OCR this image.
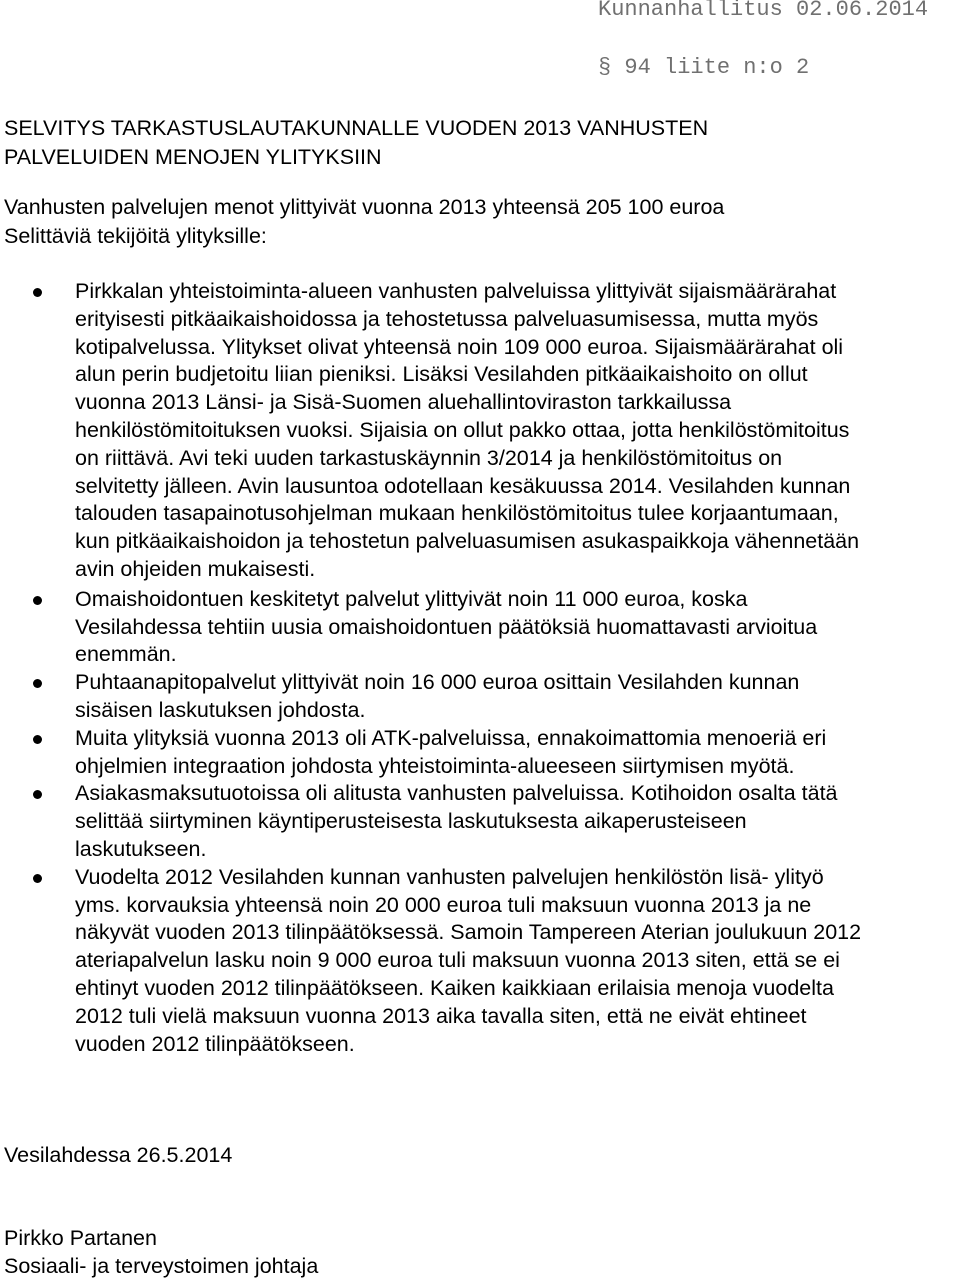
Kunnanhallitus 02.06.2014
§ 94 liite n:o 2
SELVITYS TARKASTUSLAUTAKUNNALLE VUODEN 2013 VANHUSTEN
PALVELUIDEN MENOJEN YLITYKSIIN

Vanhusten palvelujen menot ylittyivät vuonna 2013 yhteensä 205 100 euroa

Selittäviä tekijöitä ylityksille:

Pirkkalan yhteistoiminta-alueen vanhusten palveluissa ylittyivät sijaismäärärahat
erityisesti pitkäaikaishoidossa ja tehostetussa palveluasumisessa, mutta myös
kotipalvelussa. Ylitykset olivat yhteensä noin 109 000 euroa. Sijaismäärärahat oli
alun perin budjetoitu liian pieniksi. Lisäksi Vesilahden pitkäaikaishoito on ollut
vuonna 2013 Länsi- ja Sisä-Suomen aluehallintoviraston tarkkailussa
henkilöstömitoituksen vuoksi. Sijaisia on ollut pakko ottaa, jotta henkilöstömitoitus
on riittävä. Avi teki uuden tarkastuskäynnin 3/2014 ja henkilöstömitoitus on
selvitetty jälleen. Avin lausuntoa odotellaan kesäkuussa 2014. Vesilahden kunnan
talouden tasapainotusohjelman mukaan henkilöstömitoitus tulee korjaantumaan,
kun pitkäaikaishoidon ja tehostetun palveluasumisen asukaspaikkoja vähennetään
avin ohjeiden mukaisesti.
Omaishoidontuen keskitetyt palvelut ylittyivät noin 11 000 euroa, koska
Vesilahdessa tehtiin uusia omaishoidontuen päätöksiä huomattavasti arvioitua
enemmän.
Puhtaanapitopalvelut ylittyivät noin 16 000 euroa osittain Vesilahden kunnan
sisäisen laskutuksen johdosta.
Muita ylityksiä vuonna 2013 oli ATK-palveluissa, ennakoimattomia menoeriä eri
ohjelmien integraation johdosta yhteistoiminta-alueeseen siirtymisen myötä.
Asiakasmaksutuotoissa oli alitusta vanhusten palveluissa. Kotihoidon osalta tätä
selittää siirtyminen käyntiperusteisesta laskutuksesta aikaperusteiseen
laskutukseen.
Vuodelta 2012 Vesilahden kunnan vanhusten palvelujen henkilöstön lisä- ylityö
yms. korvauksia yhteensä noin 20 000 euroa tuli maksuun vuonna 2013 ja ne
näkyvät vuoden 2013 tilinpäätöksessä. Samoin Tampereen Aterian joulukuun 2012
ateriapalvelun lasku noin 9 000 euroa tuli maksuun vuonna 2013 siten, että se ei
ehtinyt vuoden 2012 tilinpäätökseen. Kaiken kaikkiaan erilaisia menoja vuodelta
2012 tuli vielä maksuun vuonna 2013 aika tavalla siten, että ne eivät ehtineet
vuoden 2012 tilinpäätökseen.

Vesilahdessa 26.5.2014

Pirkko Partanen
Sosiaali- ja terveystoimen johtaja
